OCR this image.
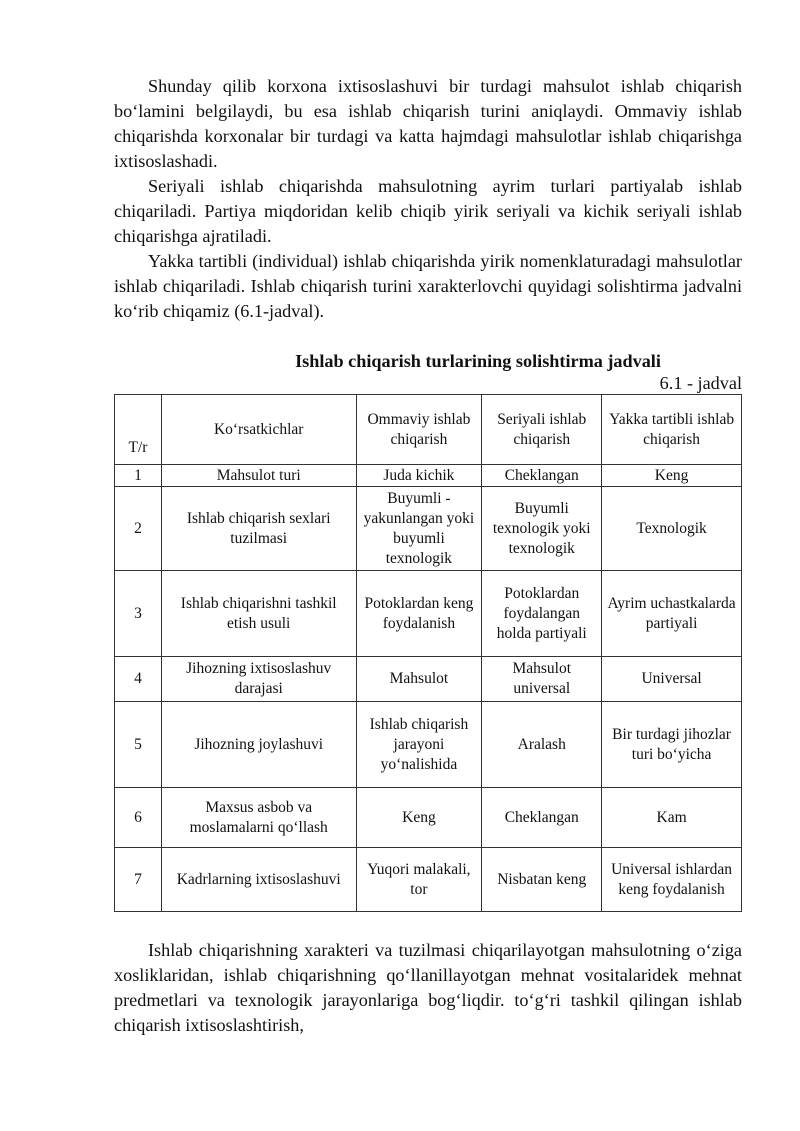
Shunday qilib korxona ixtisoslashuvi bir turdagi mahsulot ishlab chiqarish bo‘lamini belgilaydi, bu esa ishlab chiqarish turini aniqlaydi. Ommaviy ishlab chiqarishda korxonalar bir turdagi va katta hajmdagi mahsulotlar ishlab chiqarishga ixtisoslashadi.

Seriyali ishlab chiqarishda mahsulotning ayrim turlari partiyalab ishlab chiqariladi. Partiya miqdoridan kelib chiqib yirik seriyali va kichik seriyali ishlab chiqarishga ajratiladi.

Yakka tartibli (individual) ishlab chiqarishda yirik nomenklaturadagi mahsulotlar ishlab chiqariladi. Ishlab chiqarish turini xarakterlovchi quyidagi solishtirma jadvalni ko‘rib chiqamiz (6.1-jadval).

Ishlab chiqarish turlarining solishtirma jadvali

6.1 - jadval

T/r	Ko‘rsatkichlar	Ommaviy ishlab chiqarish	Seriyali ishlab chiqarish	Yakka tartibli ishlab chiqarish
1	Mahsulot turi	Juda kichik	Cheklangan	Keng
2	Ishlab chiqarish sexlari tuzilmasi	Buyumli - yakunlangan yoki buyumli texnologik	Buyumli texnologik yoki texnologik	Texnologik
3	Ishlab chiqarishni tashkil etish usuli	Potoklardan keng foydalanish	Potoklardan foydalangan holda partiyali	Ayrim uchastkalarda partiyali
4	Jihozning ixtisoslashuv darajasi	Mahsulot	Mahsulot universal	Universal
5	Jihozning joylashuvi	Ishlab chiqarish jarayoni yo‘nalishida	Aralash	Bir turdagi jihozlar turi bo‘yicha
6	Maxsus asbob va moslamalarni qo‘llash	Keng	Cheklangan	Kam
7	Kadrlarning ixtisoslashuvi	Yuqori malakali, tor	Nisbatan keng	Universal ishlardan keng foydalanish

Ishlab chiqarishning xarakteri va tuzilmasi chiqarilayotgan mahsulotning o‘ziga xosliklaridan, ishlab chiqarishning qo‘llanillayotgan mehnat vositalaridek mehnat predmetlari va texnologik jarayonlariga bog‘liqdir. to‘g‘ri tashkil qilingan ishlab chiqarish ixtisoslashtirish,
